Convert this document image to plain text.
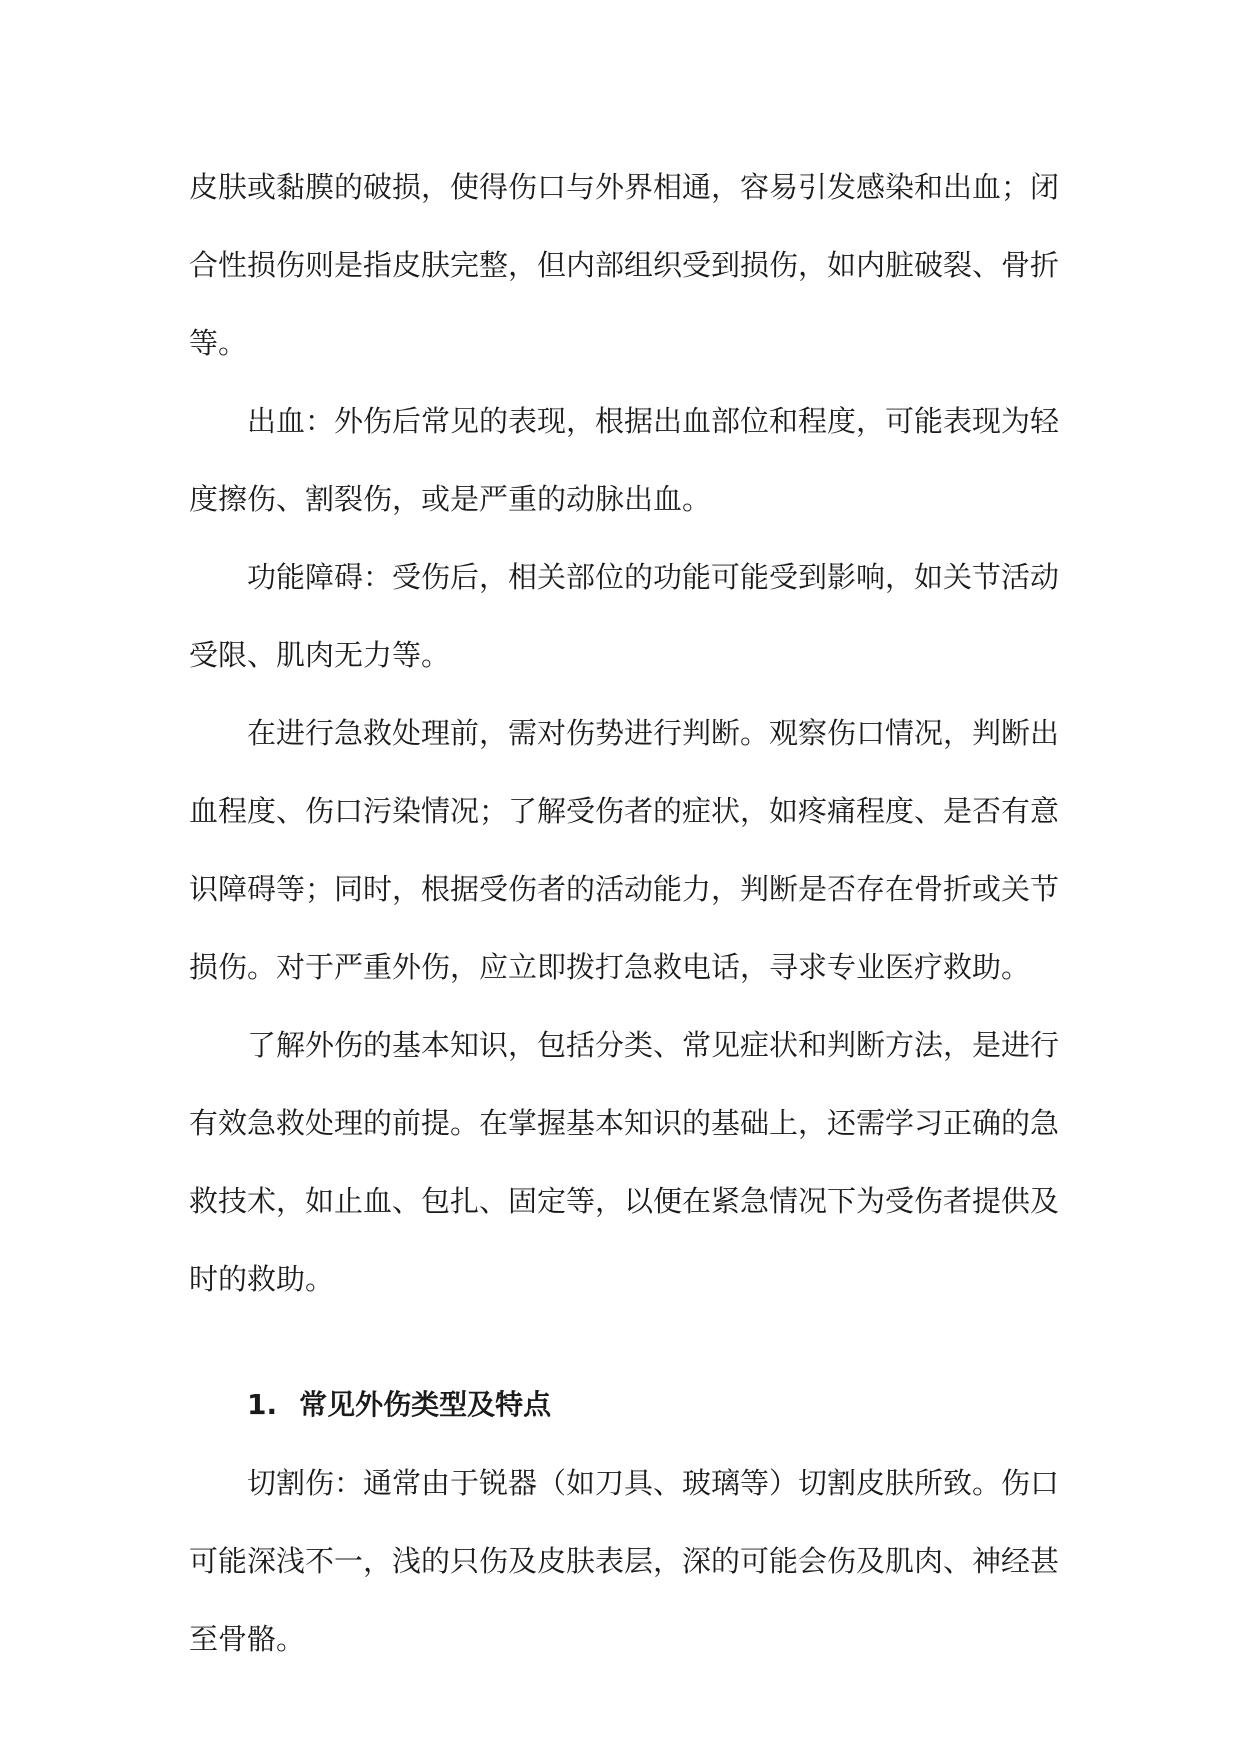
皮肤或黏膜的破损，使得伤口与外界相通，容易引发感染和出血；闭合性损伤则是指皮肤完整，但内部组织受到损伤，如内脏破裂、骨折等。

出血：外伤后常见的表现，根据出血部位和程度，可能表现为轻度擦伤、割裂伤，或是严重的动脉出血。

功能障碍：受伤后，相关部位的功能可能受到影响，如关节活动受限、肌肉无力等。

在进行急救处理前，需对伤势进行判断。观察伤口情况，判断出血程度、伤口污染情况；了解受伤者的症状，如疼痛程度、是否有意识障碍等；同时，根据受伤者的活动能力，判断是否存在骨折或关节损伤。对于严重外伤，应立即拨打急救电话，寻求专业医疗救助。

了解外伤的基本知识，包括分类、常见症状和判断方法，是进行有效急救处理的前提。在掌握基本知识的基础上，还需学习正确的急救技术，如止血、包扎、固定等，以便在紧急情况下为受伤者提供及时的救助。

1. 常见外伤类型及特点

切割伤：通常由于锐器（如刀具、玻璃等）切割皮肤所致。伤口可能深浅不一，浅的只伤及皮肤表层，深的可能会伤及肌肉、神经甚至骨骼。
